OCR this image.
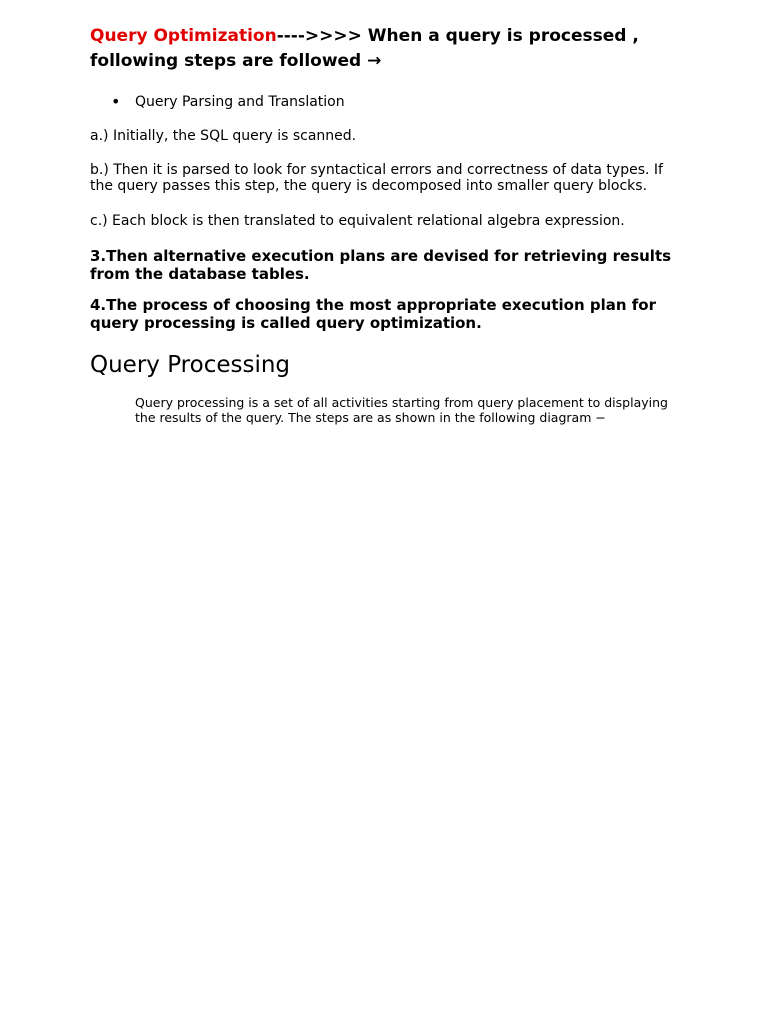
Query Optimization---->>>> When a query is processed ,
following steps are followed →

•	Query Parsing and Translation

a.) Initially, the SQL query is scanned.

b.) Then it is parsed to look for syntactical errors and correctness of data types. If the query passes this step, the query is decomposed into smaller query blocks.

c.) Each block is then translated to equivalent relational algebra expression.

3.Then alternative execution plans are devised for retrieving results from the database tables.

4.The process of choosing the most appropriate execution plan for query processing is called query optimization.

Query Processing
Query processing is a set of all activities starting from query placement to displaying the results of the query. The steps are as shown in the following diagram −
